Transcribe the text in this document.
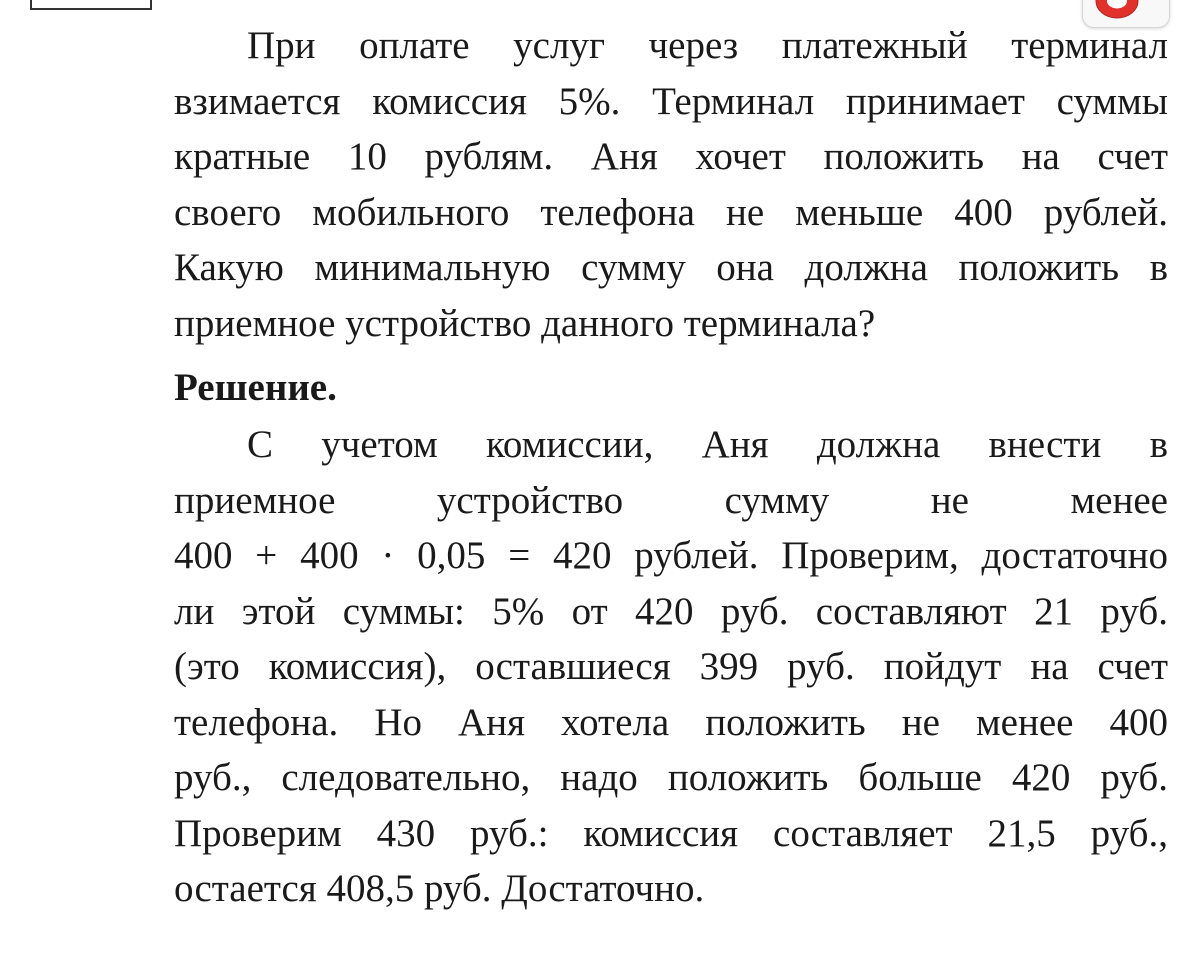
При оплате услуг через платежный терминал
взимается комиссия 5%. Терминал принимает суммы
кратные 10 рублям. Аня хочет положить на счет
своего мобильного телефона не меньше 400 рублей.
Какую минимальную сумму она должна положить в
приемное устройство данного терминала?

Решение.

С учетом комиссии, Аня должна внести в
приемное устройство сумму не менее
400 + 400 · 0,05 = 420 рублей. Проверим, достаточно
ли этой суммы: 5% от 420 руб. составляют 21 руб.
(это комиссия), оставшиеся 399 руб. пойдут на счет
телефона. Но Аня хотела положить не менее 400
руб., следовательно, надо положить больше 420 руб.
Проверим 430 руб.: комиссия составляет 21,5 руб.,
остается 408,5 руб. Достаточно.
